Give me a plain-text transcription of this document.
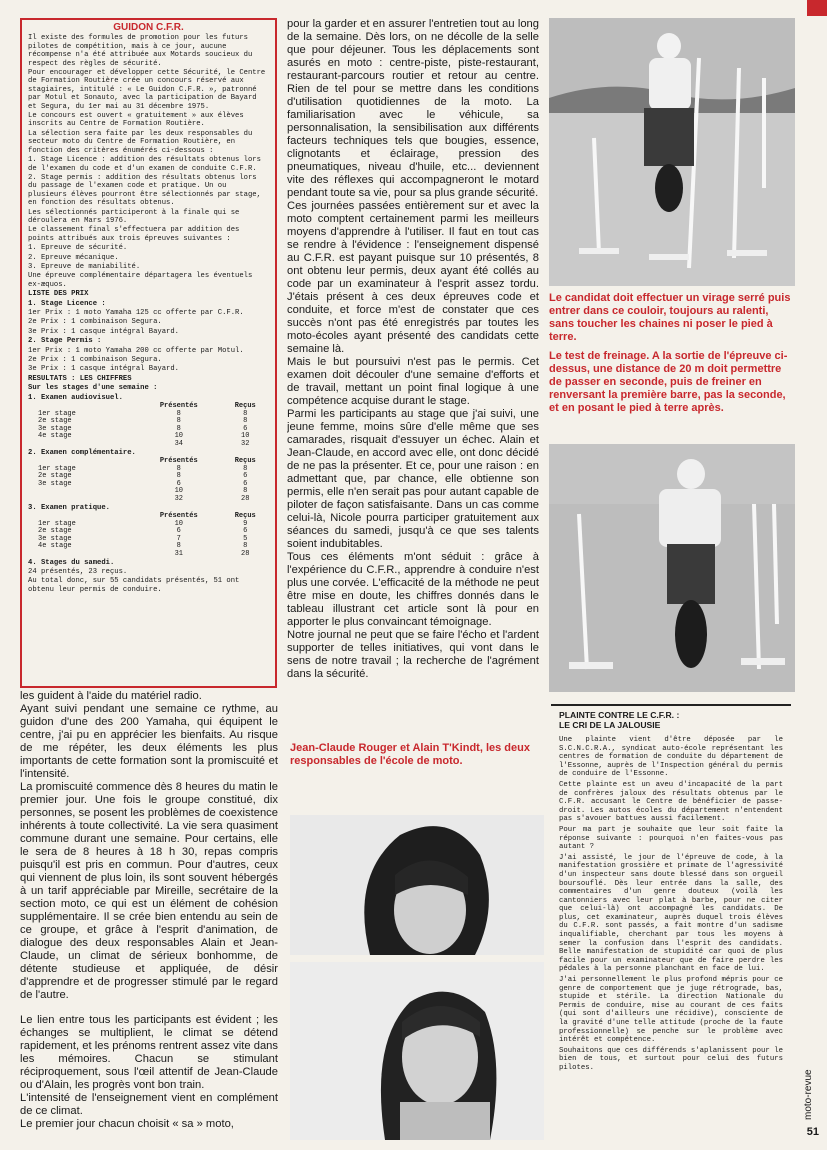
GUIDON C.F.R.

Il existe des formules de promotion pour les futurs pilotes de compétition, mais à ce jour, aucune récompense n'a été attribuée aux Motards soucieux du respect des règles de sécurité.

Pour encourager et développer cette Sécurité, le Centre de Formation Routière crée un concours réservé aux stagiaires, intitulé : « Le Guidon C.F.R. », patronné par Motul et Sonauto, avec la participation de Bayard et Segura, du 1er mai au 31 décembre 1975.

Le concours est ouvert « gratuitement » aux élèves inscrits au Centre de Formation Routière.

La sélection sera faite par les deux responsables du secteur moto du Centre de Formation Routière, en fonction des critères énumérés ci-dessous :

1. Stage Licence : addition des résultats obtenus lors de l'examen du code et d'un examen de conduite C.F.R.

2. Stage permis : addition des résultats obtenus lors du passage de l'examen code et pratique. Un ou plusieurs élèves pourront être sélectionnés par stage, en fonction des résultats obtenus.

Les sélectionnés participeront à la finale qui se déroulera en Mars 1976.

Le classement final s'effectuera par addition des points attribués aux trois épreuves suivantes :

1. Epreuve de sécurité.

2. Epreuve mécanique.

3. Epreuve de maniabilité.

Une épreuve complémentaire départagera les éventuels ex-æquos.

LISTE DES PRIX

1. Stage Licence :

1er Prix : 1 moto Yamaha 125 cc offerte par C.F.R.

2e Prix : 1 combinaison Segura.

3e Prix : 1 casque intégral Bayard.

2. Stage Permis :

1er Prix : 1 moto Yamaha 200 cc offerte par Motul.

2e Prix : 1 combinaison Segura.

3e Prix : 1 casque intégral Bayard.

RESULTATS : LES CHIFFRES

Sur les stages d'une semaine :

1. Examen audiovisuel.

	Présentés	Reçus
1er stage	8	8
2e stage	8	8
3e stage	8	6
4e stage	10	10
	34	32

2. Examen complémentaire.

	Présentés	Reçus
1er stage	8	8
2e stage	8	6
3e stage	6	6
	10	8
	32	28

3. Examen pratique.

	Présentés	Reçus
1er stage	10	9
2e stage	6	6
3e stage	7	5
4e stage	8	8
	31	28

4. Stages du samedi.

24 présentés, 23 reçus.

Au total donc, sur 55 candidats présentés, 51 ont obtenu leur permis de conduire.

les guident à l'aide du matériel radio.

Ayant suivi pendant une semaine ce rythme, au guidon d'une des 200 Yamaha, qui équipent le centre, j'ai pu en apprécier les bienfaits. Au risque de me répéter, les deux éléments les plus importants de cette formation sont la promiscuité et l'intensité.

La promiscuité commence dès 8 heures du matin le premier jour. Une fois le groupe constitué, dix personnes, se posent les problèmes de coexistence inhérents à toute collectivité. La vie sera quasiment commune durant une semaine. Pour certains, elle le sera de 8 heures à 18 h 30, repas compris puisqu'il est pris en commun. Pour d'autres, ceux qui viennent de plus loin, ils sont souvent hébergés à un tarif appréciable par Mireille, secrétaire de la section moto, ce qui est un élément de cohésion supplémentaire. Il se crée bien entendu au sein de ce groupe, et grâce à l'esprit d'animation, de dialogue des deux responsables Alain et Jean-Claude, un climat de sérieux bonhomme, de détente studieuse et appliquée, de désir d'apprendre et de progresser stimulé par le regard de l'autre.

Le lien entre tous les participants est évident ; les échanges se multiplient, le climat se détend rapidement, et les prénoms rentrent assez vite dans les mémoires. Chacun se stimulant réciproquement, sous l'œil attentif de Jean-Claude ou d'Alain, les progrès vont bon train.

L'intensité de l'enseignement vient en complément de ce climat.

Le premier jour chacun choisit « sa » moto,

pour la garder et en assurer l'entretien tout au long de la semaine. Dès lors, on ne décolle de la selle que pour déjeuner. Tous les déplacements sont asurés en moto : centre-piste, piste-restaurant, restaurant-parcours routier et retour au centre. Rien de tel pour se mettre dans les conditions d'utilisation quotidiennes de la moto. La familiarisation avec le véhicule, sa personnalisation, la sensibilisation aux différents facteurs techniques tels que bougies, essence, clignotants et éclairage, pression des pneumatiques, niveau d'huile, etc... deviennent vite des réflexes qui accompagneront le motard pendant toute sa vie, pour sa plus grande sécurité.

Ces journées passées entièrement sur et avec la moto comptent certainement parmi les meilleurs moyens d'apprendre à l'utiliser. Il faut en tout cas se rendre à l'évidence : l'enseignement dispensé au C.F.R. est payant puisque sur 10 présentés, 8 ont obtenu leur permis, deux ayant été collés au code par un examinateur à l'esprit assez tordu. J'étais présent à ces deux épreuves code et conduite, et force m'est de constater que ces succès n'ont pas été enregistrés par toutes les moto-écoles ayant présenté des candidats cette semaine là.

Mais le but poursuivi n'est pas le permis. Cet examen doit découler d'une semaine d'efforts et de travail, mettant un point final logique à une compétence acquise durant le stage.

Parmi les participants au stage que j'ai suivi, une jeune femme, moins sûre d'elle même que ses camarades, risquait d'essuyer un échec. Alain et Jean-Claude, en accord avec elle, ont donc décidé de ne pas la présenter. Et ce, pour une raison : en admettant que, par chance, elle obtienne son permis, elle n'en serait pas pour autant capable de piloter de façon satisfaisante. Dans un cas comme celui-là, Nicole pourra participer gratuitement aux séances du samedi, jusqu'à ce que ses talents soient indubitables.

Tous ces éléments m'ont séduit : grâce à l'expérience du C.F.R., apprendre à conduire n'est plus une corvée. L'efficacité de la méthode ne peut être mise en doute, les chiffres donnés dans le tableau illustrant cet article sont là pour en apporter le plus convaincant témoignage.

Notre journal ne peut que se faire l'écho et l'ardent supporter de telles initiatives, qui vont dans le sens de notre travail ; la recherche de l'agrément dans la sécurité.

Le candidat doit effectuer un virage serré puis entrer dans ce couloir, toujours au ralenti, sans toucher les chaines ni poser le pied à terre.
Le test de freinage. A la sortie de l'épreuve ci-dessus, une distance de 20 m doit permettre de passer en seconde, puis de freiner en renversant la première barre, pas la seconde, et en posant le pied à terre après.
Jean-Claude Rouger et Alain T'Kindt, les deux responsables de l'école de moto.
PLAINTE CONTRE LE C.F.R. :
LE CRI DE LA JALOUSIE

Une plainte vient d'être déposée par le S.C.N.C.R.A., syndicat auto-école représentant les centres de formation de conduite du département de l'Essonne, auprès de l'Inspection général du permis de conduire de l'Essonne.

Cette plainte est un aveu d'incapacité de la part de confrères jaloux des résultats obtenus par le C.F.R. accusant le Centre de bénéficier de passe-droit. Les autos écoles du département n'entendent pas s'avouer battues aussi facilement.

Pour ma part je souhaite que leur soit faite la réponse suivante : pourquoi n'en faites-vous pas autant ?

J'ai assisté, le jour de l'épreuve de code, à la manifestation grossière et primate de l'agressivité d'un inspecteur sans doute blessé dans son orgueil boursouflé. Dès leur entrée dans la salle, des commentaires d'un genre douteux (voilà les cantonniers avec leur plat à barbe, pour ne citer que celui-là) ont accompagné les candidats. De plus, cet examinateur, auprès duquel trois élèves du C.F.R. sont passés, a fait montre d'un sadisme inqualifiable, cherchant par tous les moyens à semer la confusion dans l'esprit des candidats. Belle manifestation de stupidité car quoi de plus facile pour un examinateur que de faire perdre les pédales à la personne planchant en face de lui.

J'ai personnellement le plus profond mépris pour ce genre de comportement que je juge rétrograde, bas, stupide et stérile. La direction Nationale du Permis de conduire, mise au courant de ces faits (qui sont d'ailleurs une récidive), consciente de la gravité d'une telle attitude (proche de la faute professionnelle) se penche sur le problème avec intérêt et compétence.

Souhaitons que ces différends s'aplanissent pour le bien de tous, et surtout pour celui des futurs pilotes.

moto-revue
51
